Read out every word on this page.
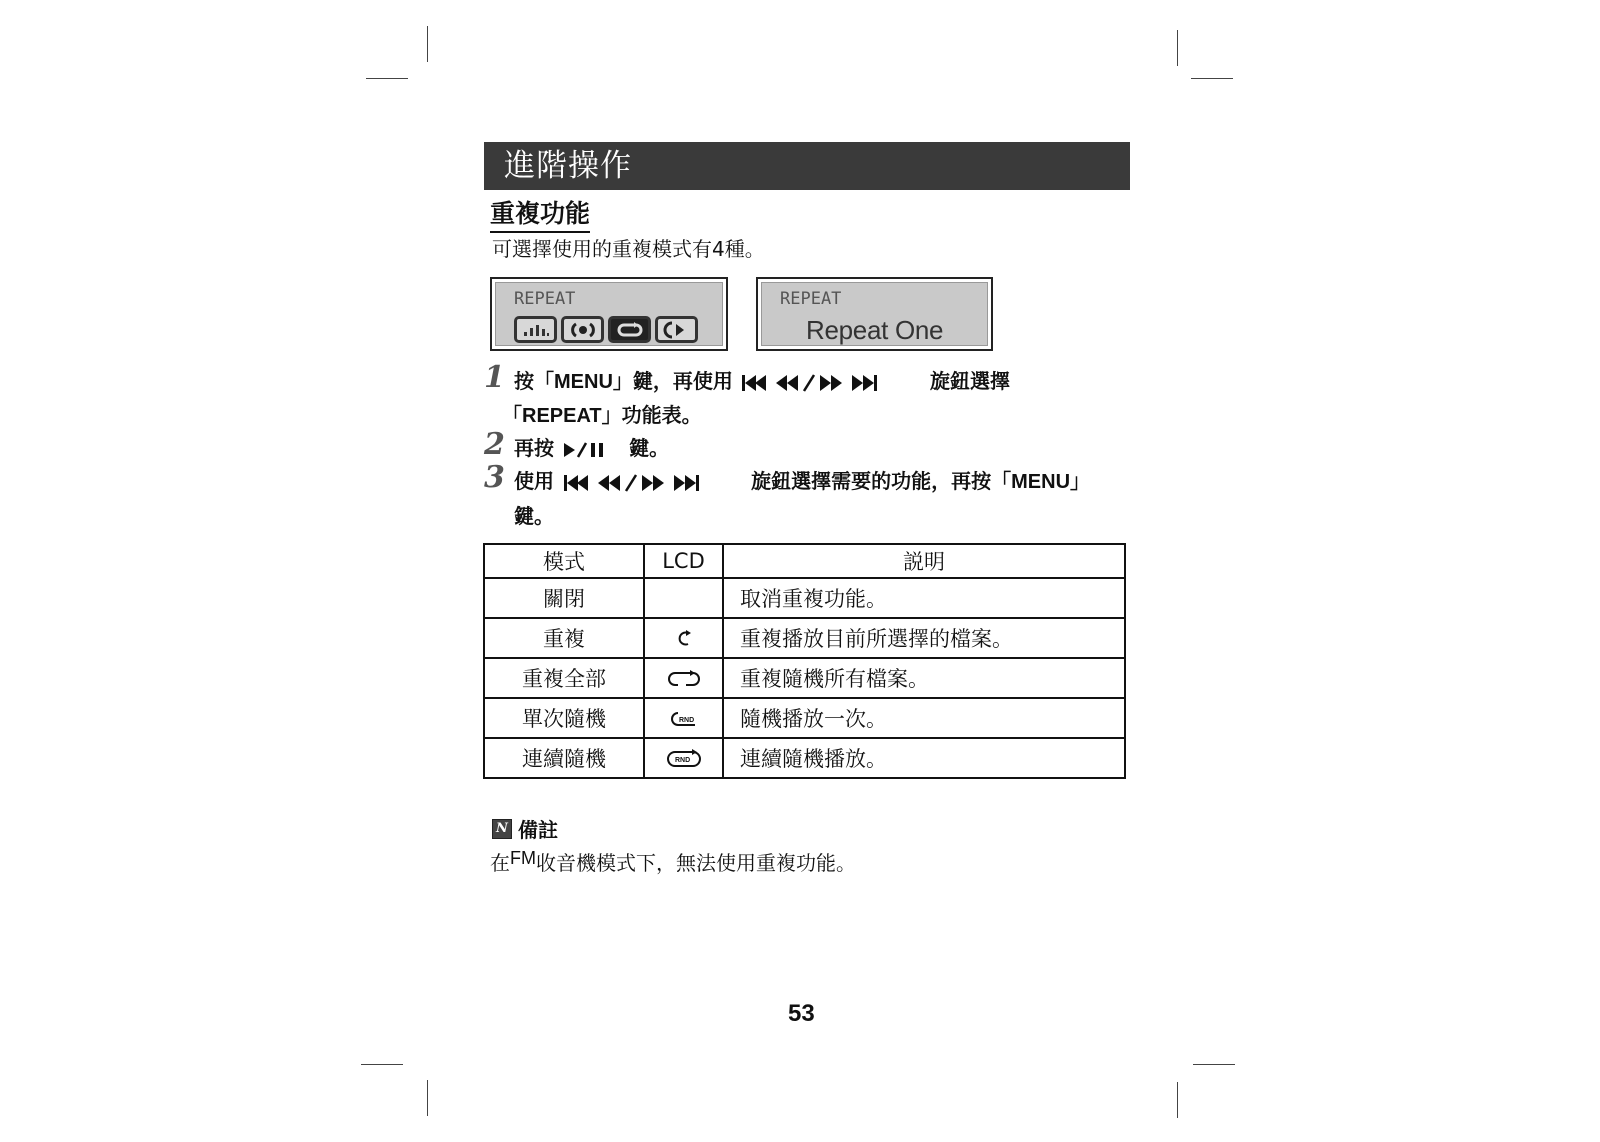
進階操作
重複功能
可選擇使用的重複模式有4種。
REPEAT	REPEAT
Repeat One
1 按「MENU」鍵，再使用	旋鈕選擇
「REPEAT」功能表。
2 再按	鍵。
3 使用	旋鈕選擇需要的功能，再按「MENU」
鍵。
模式	LCD	説明
關閉		取消重複功能。
重複		重複播放目前所選擇的檔案。
重複全部		重複隨機所有檔案。
單次隨機	RND	隨機播放一次。
連續隨機	RND	連續隨機播放。
N 備註
在$^{FM}$收音機模式下，無法使用重複功能。
53
